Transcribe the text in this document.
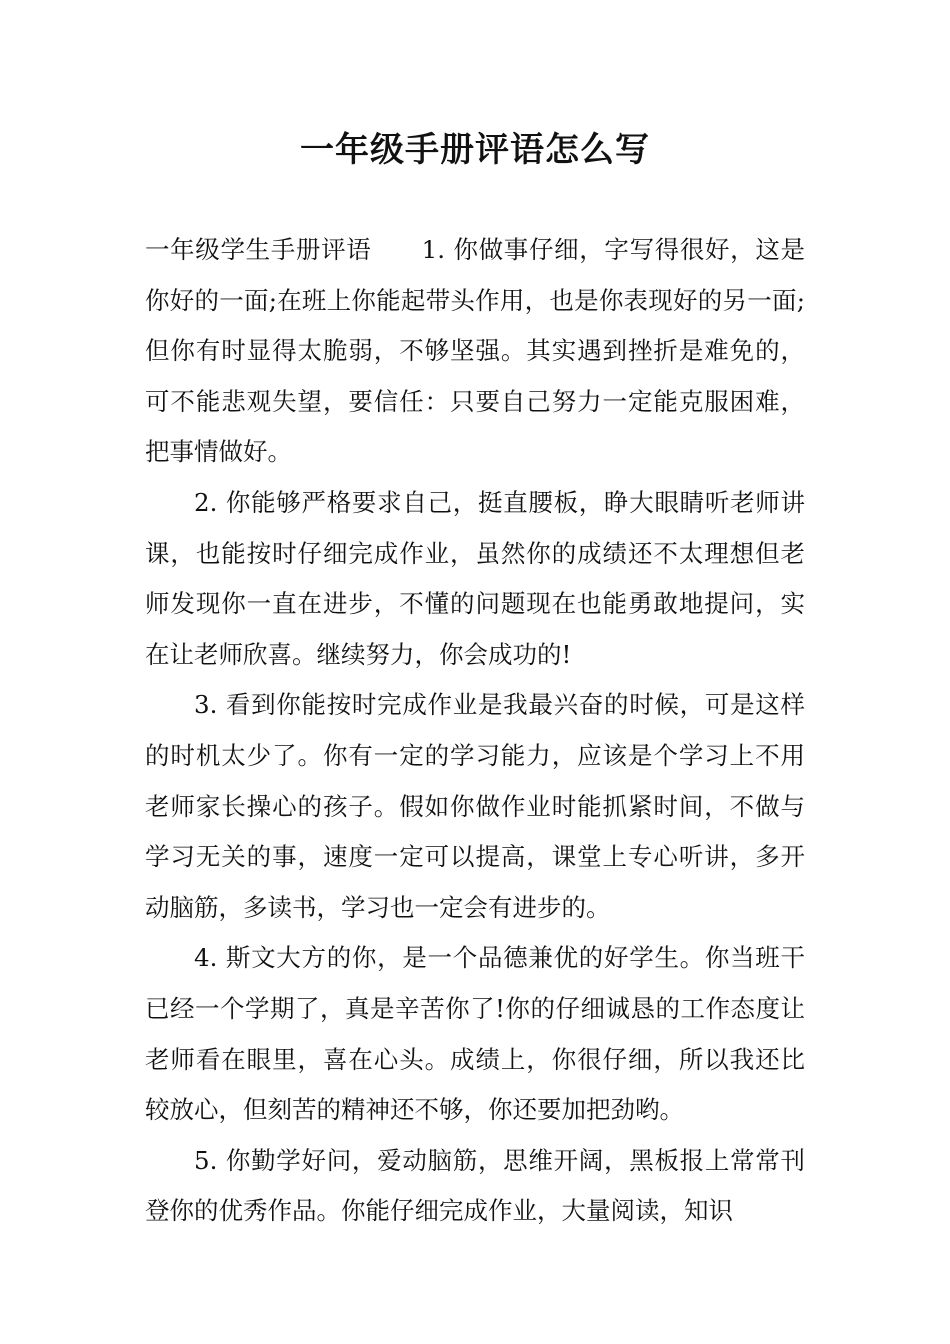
一年级手册评语怎么写

一年级学生手册评语　　1. 你做事仔细，字写得很好，这是你好的一面;在班上你能起带头作用，也是你表现好的另一面;但你有时显得太脆弱，不够坚强。其实遇到挫折是难免的，可不能悲观失望，要信任：只要自己努力一定能克服困难，把事情做好。

2. 你能够严格要求自己，挺直腰板，睁大眼睛听老师讲课，也能按时仔细完成作业，虽然你的成绩还不太理想但老师发现你一直在进步，不懂的问题现在也能勇敢地提问，实在让老师欣喜。继续努力，你会成功的!

3. 看到你能按时完成作业是我最兴奋的时候，可是这样的时机太少了。你有一定的学习能力，应该是个学习上不用老师家长操心的孩子。假如你做作业时能抓紧时间，不做与学习无关的事，速度一定可以提高，课堂上专心听讲，多开动脑筋，多读书，学习也一定会有进步的。

4. 斯文大方的你，是一个品德兼优的好学生。你当班干已经一个学期了，真是辛苦你了!你的仔细诚恳的工作态度让老师看在眼里，喜在心头。成绩上，你很仔细，所以我还比较放心，但刻苦的精神还不够，你还要加把劲哟。

5. 你勤学好问，爱动脑筋，思维开阔，黑板报上常常刊登你的优秀作品。你能仔细完成作业，大量阅读，知识
